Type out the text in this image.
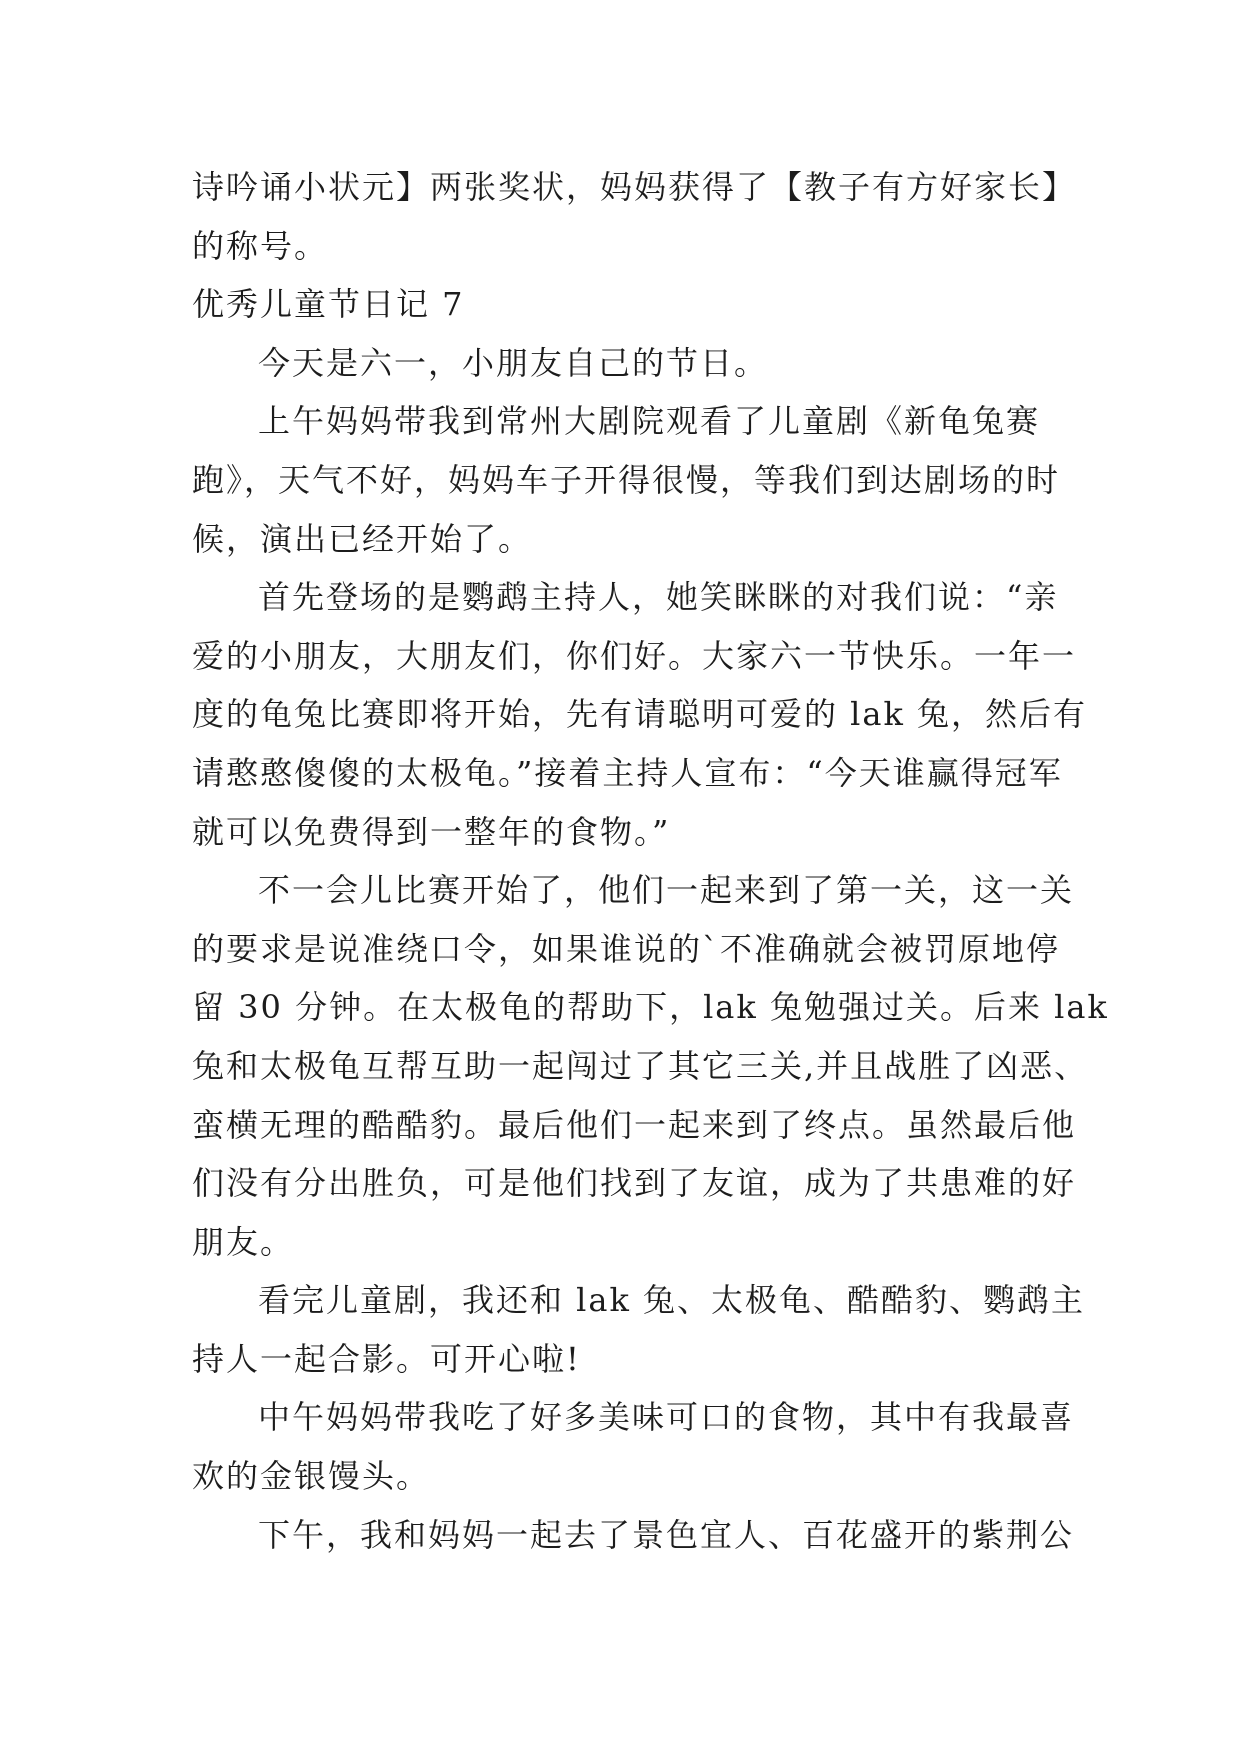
诗吟诵小状元】两张奖状，妈妈获得了【教子有方好家长】
的称号。
优秀儿童节日记 7
今天是六一，小朋友自己的节日。
上午妈妈带我到常州大剧院观看了儿童剧《新龟兔赛
跑》，天气不好，妈妈车子开得很慢，等我们到达剧场的时
候，演出已经开始了。
首先登场的是鹦鹉主持人，她笑眯眯的对我们说：“亲
爱的小朋友，大朋友们，你们好。大家六一节快乐。一年一
度的龟兔比赛即将开始，先有请聪明可爱的 lak 兔，然后有
请憨憨傻傻的太极龟。”接着主持人宣布：“今天谁赢得冠军
就可以免费得到一整年的食物。”
不一会儿比赛开始了，他们一起来到了第一关，这一关
的要求是说准绕口令，如果谁说的`不准确就会被罚原地停
留 30 分钟。在太极龟的帮助下，lak 兔勉强过关。后来 lak
兔和太极龟互帮互助一起闯过了其它三关,并且战胜了凶恶、
蛮横无理的酷酷豹。最后他们一起来到了终点。虽然最后他
们没有分出胜负，可是他们找到了友谊，成为了共患难的好
朋友。
看完儿童剧，我还和 lak 兔、太极龟、酷酷豹、鹦鹉主
持人一起合影。可开心啦!
中午妈妈带我吃了好多美味可口的食物，其中有我最喜
欢的金银馒头。
下午，我和妈妈一起去了景色宜人、百花盛开的紫荆公
